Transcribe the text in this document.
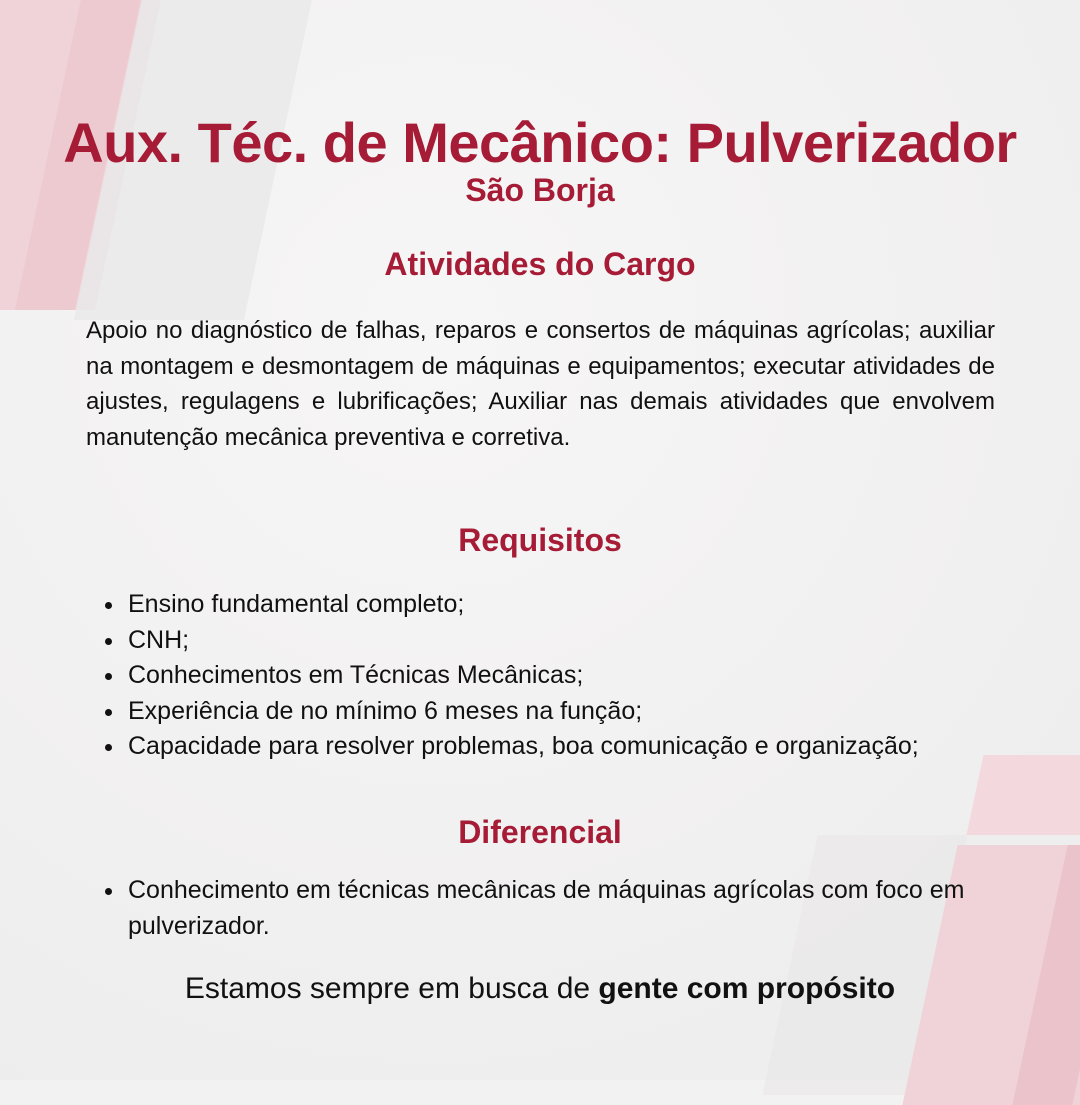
Aux. Téc. de Mecânico: Pulverizador
São Borja
Atividades do Cargo
Apoio no diagnóstico de falhas, reparos e consertos de máquinas agrícolas; auxiliar na montagem e desmontagem de máquinas e equipamentos; executar atividades de ajustes, regulagens e lubrificações; Auxiliar nas demais atividades que envolvem manutenção mecânica preventiva e corretiva.
Requisitos
• Ensino fundamental completo;
• CNH;
• Conhecimentos em Técnicas Mecânicas;
• Experiência de no mínimo 6 meses na função;
• Capacidade para resolver problemas, boa comunicação e organização;
Diferencial
• Conhecimento em técnicas mecânicas de máquinas agrícolas com foco em pulverizador.
Estamos sempre em busca de gente com propósito
